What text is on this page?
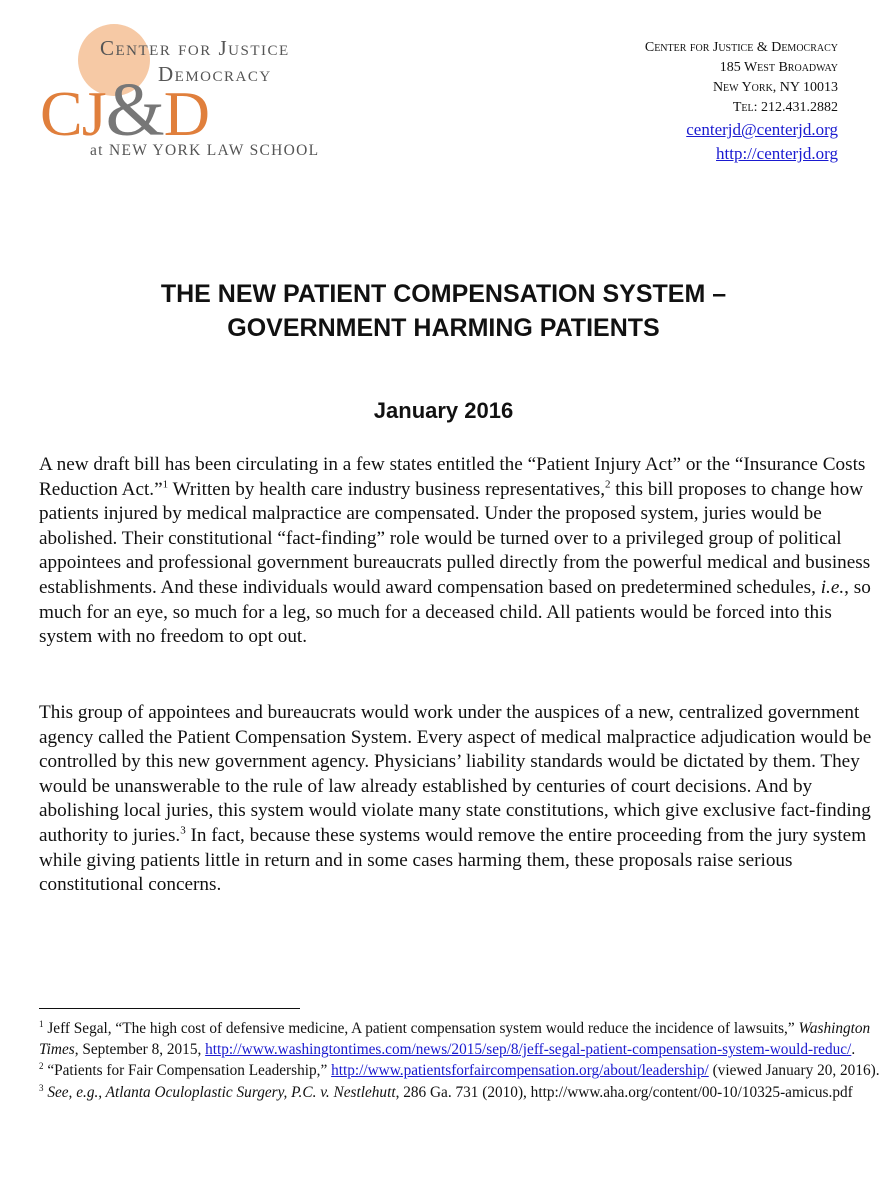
Center for Justice
Democracy
CJ&D
at NEW YORK LAW SCHOOL
Center for Justice & Democracy
185 West Broadway
New York, NY 10013
Tel: 212.431.2882
centerjd@centerjd.org
http://centerjd.org
THE NEW PATIENT COMPENSATION SYSTEM –
GOVERNMENT HARMING PATIENTS
January 2016

A new draft bill has been circulating in a few states entitled the “Patient Injury Act” or the “Insurance Costs Reduction Act.”$^1$ Written by health care industry business representatives,$^2$ this bill proposes to change how patients injured by medical malpractice are compensated. Under the proposed system, juries would be abolished. Their constitutional “fact-finding” role would be turned over to a privileged group of political appointees and professional government bureaucrats pulled directly from the powerful medical and business establishments. And these individuals would award compensation based on predetermined schedules, i.e., so much for an eye, so much for a leg, so much for a deceased child. All patients would be forced into this system with no freedom to opt out.

This group of appointees and bureaucrats would work under the auspices of a new, centralized government agency called the Patient Compensation System. Every aspect of medical malpractice adjudication would be controlled by this new government agency. Physicians’ liability standards would be dictated by them. They would be unanswerable to the rule of law already established by centuries of court decisions. And by abolishing local juries, this system would violate many state constitutions, which give exclusive fact-finding authority to juries.$^3$ In fact, because these systems would remove the entire proceeding from the jury system while giving patients little in return and in some cases harming them, these proposals raise serious constitutional concerns.

$^1$ Jeff Segal, “The high cost of defensive medicine, A patient compensation system would reduce the incidence of lawsuits,” Washington Times, September 8, 2015, http://www.washingtontimes.com/news/2015/sep/8/jeff-segal-patient-compensation-system-would-reduc/.

$^2$ “Patients for Fair Compensation Leadership,” http://www.patientsforfaircompensation.org/about/leadership/ (viewed January 20, 2016).

$^3$ See, e.g., Atlanta Oculoplastic Surgery, P.C. v. Nestlehutt, 286 Ga. 731 (2010), http://www.aha.org/content/00-10/10325-amicus.pdf
